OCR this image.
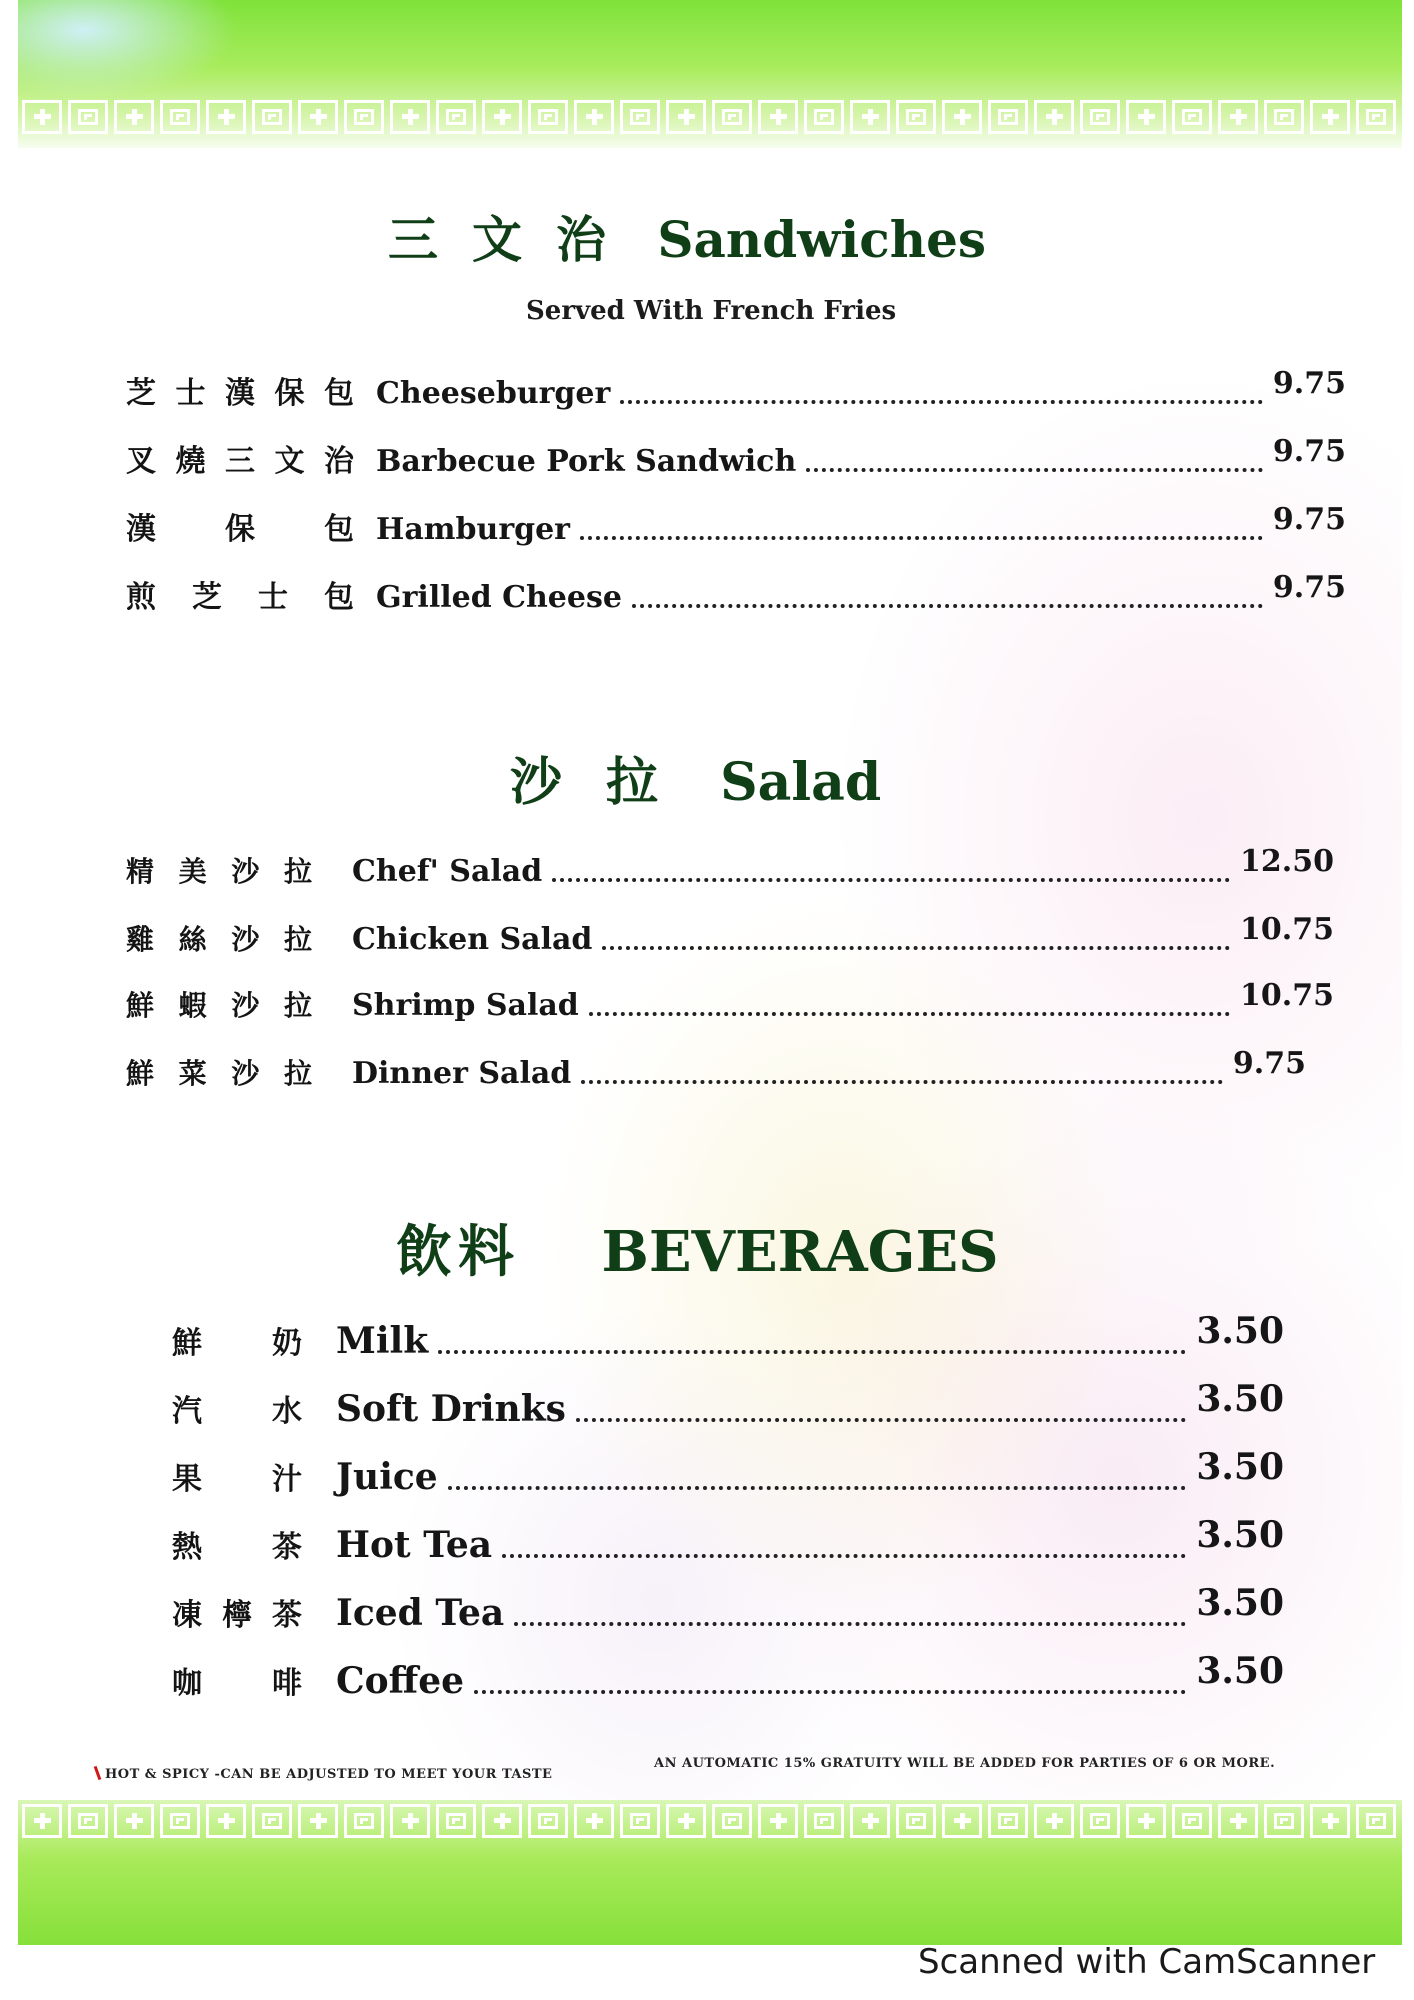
三文治 Sandwiches
Served With French Fries
芝士漢保包 Cheeseburger	9.75
叉燒三文治 Barbecue Pork Sandwich	9.75
漢保包 Hamburger	9.75
煎芝士包 Grilled Cheese	9.75
沙拉 Salad
精美沙拉 Chef' Salad	12.50
雞絲沙拉 Chicken Salad	10.75
鮮蝦沙拉 Shrimp Salad	10.75
鮮菜沙拉 Dinner Salad	9.75
飲料 BEVERAGES
鮮奶 Milk	3.50
汽水 Soft Drinks	3.50
果汁 Juice	3.50
熱茶 Hot Tea	3.50
凍檸茶 Iced Tea	3.50
咖啡 Coffee	3.50
HOT & SPICY -CAN BE ADJUSTED TO MEET YOUR TASTE
AN AUTOMATIC 15% GRATUITY WILL BE ADDED FOR PARTIES OF 6 OR MORE.
Scanned with CamScanner
